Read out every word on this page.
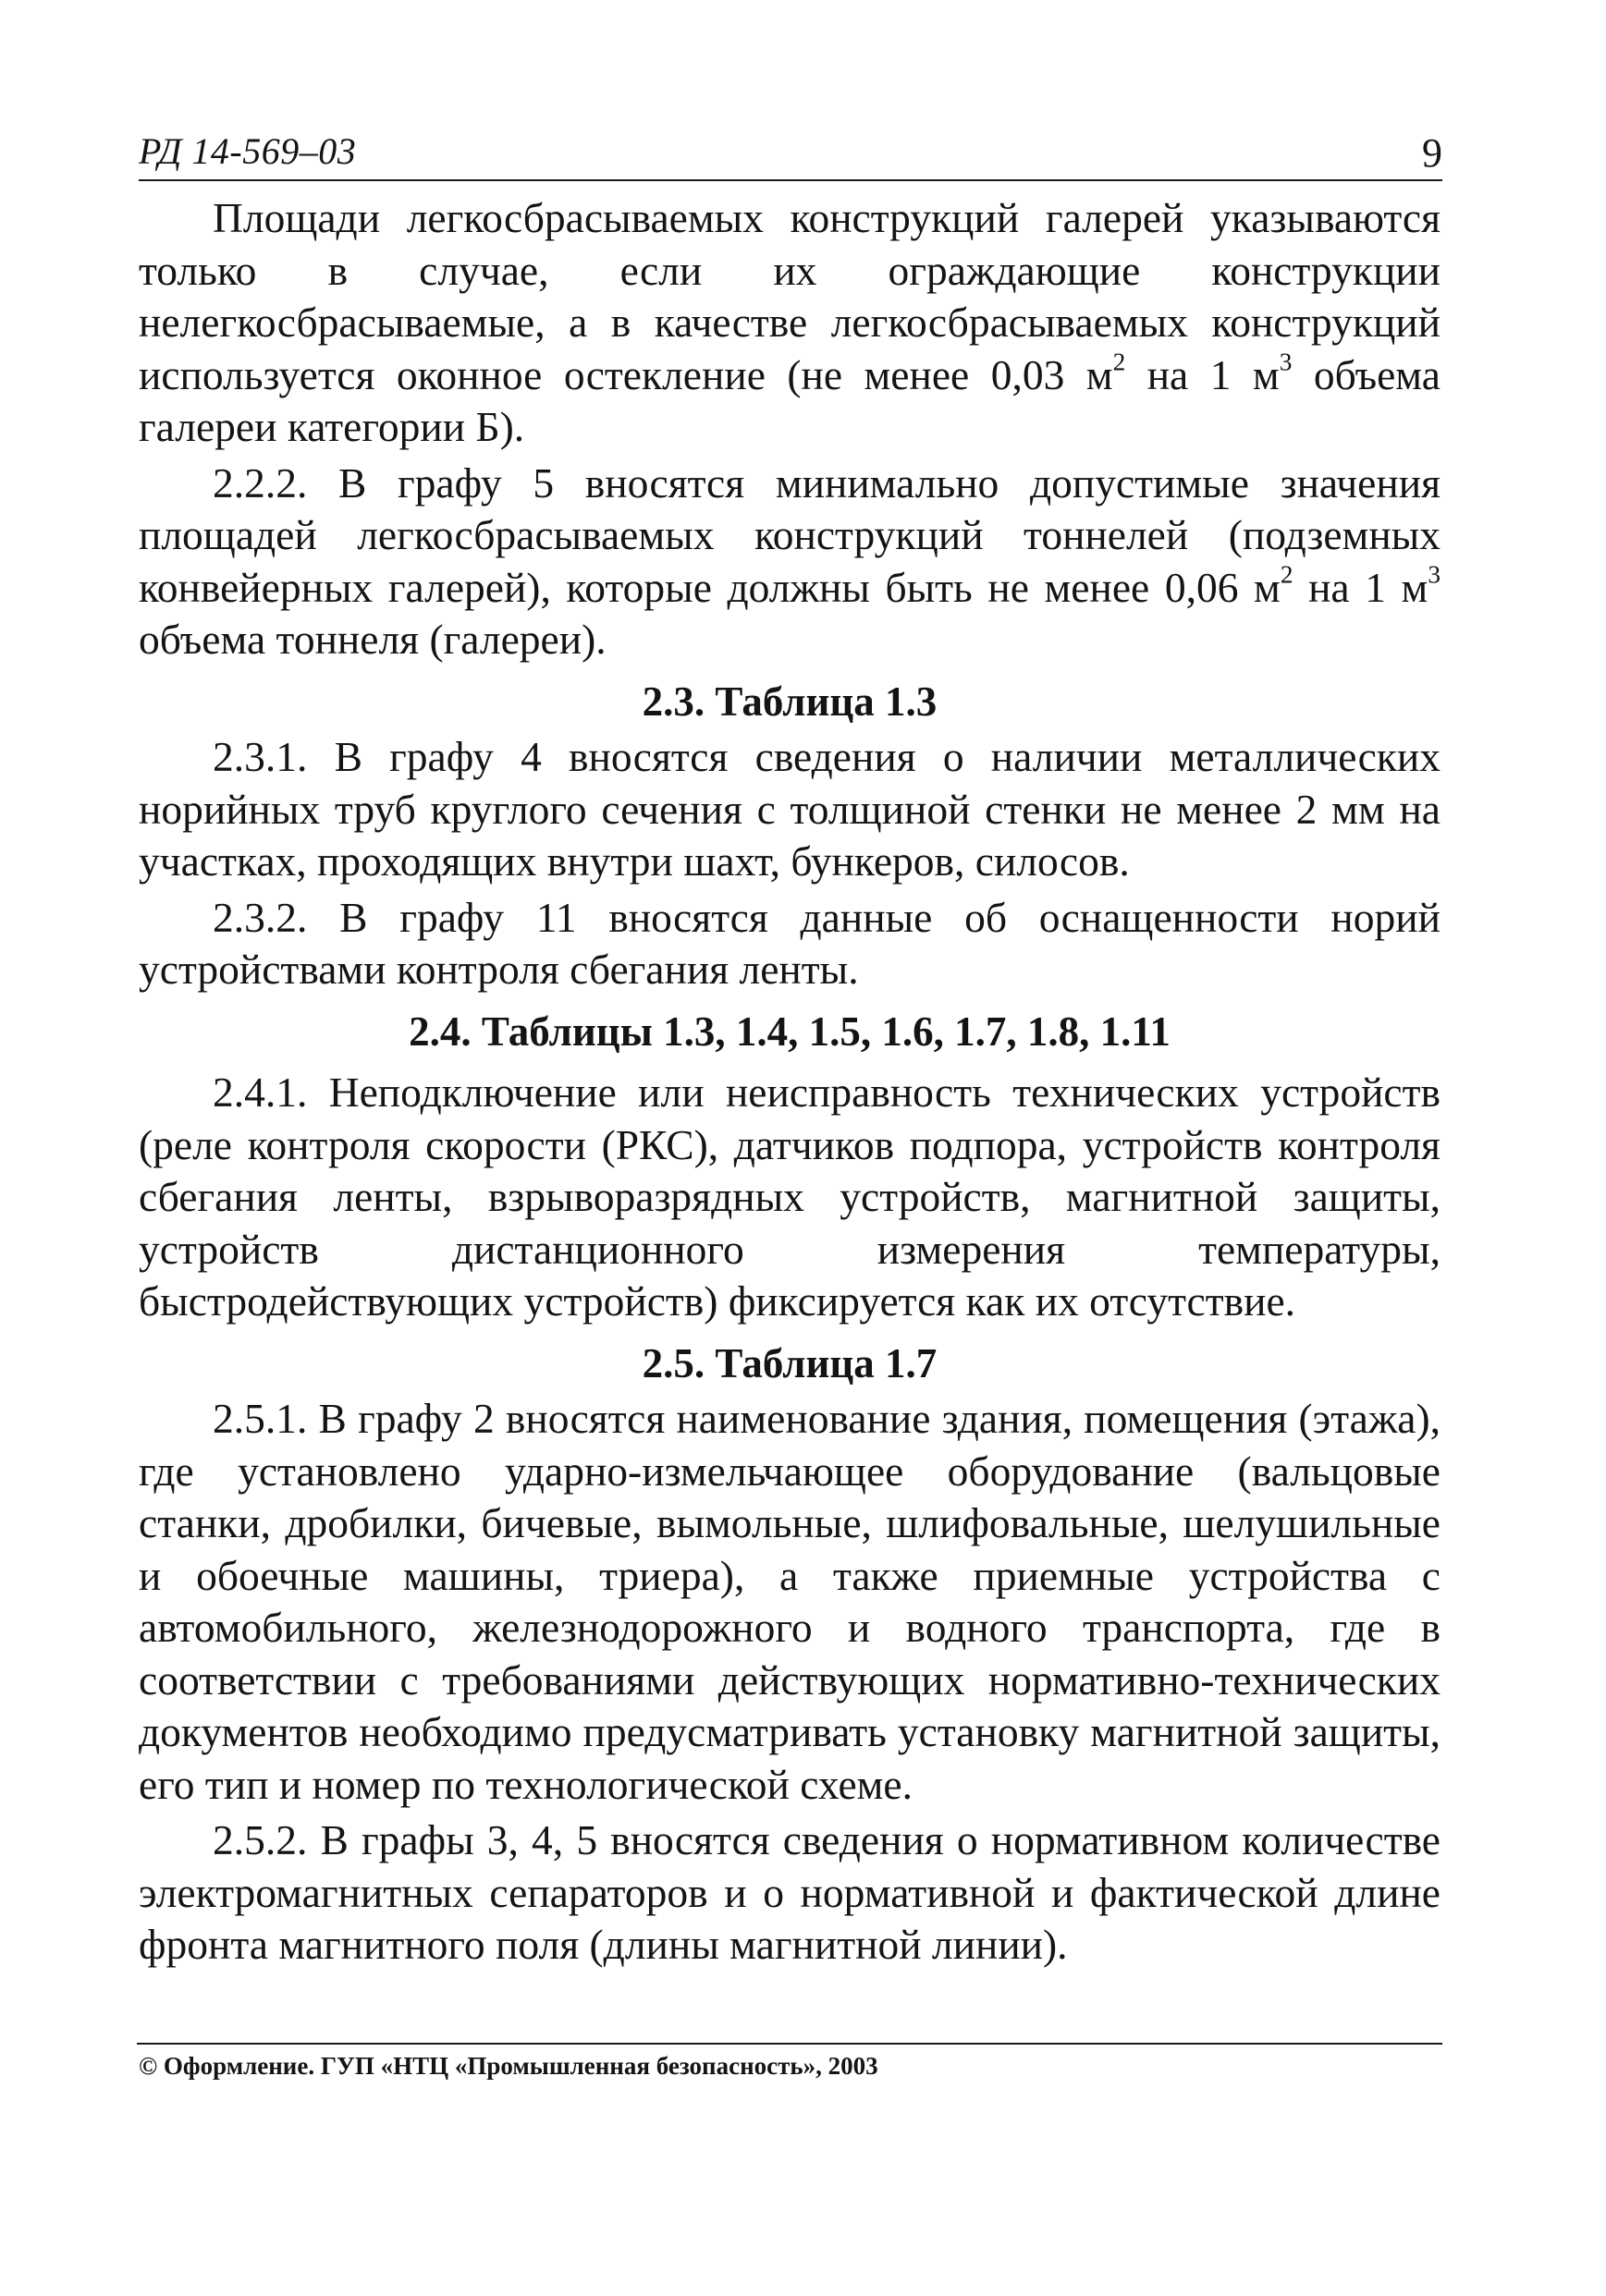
РД 14-569–03	9

Площади легкосбрасываемых конструкций галерей указываются только в случае, если их ограждающие конструкции нелегкосбрасываемые, а в качестве легкосбрасываемых конструкций используется оконное остекление (не менее 0,03 $м^2$ на 1 $м^3$ объема галереи категории Б).

2.2.2. В графу 5 вносятся минимально допустимые значения площадей легкосбрасываемых конструкций тоннелей (подземных конвейерных галерей), которые должны быть не менее 0,06 $м^2$ на 1 $м^3$ объема тоннеля (галереи).

2.3. Таблица 1.3

2.3.1. В графу 4 вносятся сведения о наличии металлических норийных труб круглого сечения с толщиной стенки не менее 2 мм на участках, проходящих внутри шахт, бункеров, силосов.

2.3.2. В графу 11 вносятся данные об оснащенности норий устройствами контроля сбегания ленты.

2.4. Таблицы 1.3, 1.4, 1.5, 1.6, 1.7, 1.8, 1.11

2.4.1. Неподключение или неисправность технических устройств (реле контроля скорости (РКС), датчиков подпора, устройств контроля сбегания ленты, взрыворазрядных устройств, магнитной защиты, устройств дистанционного измерения температуры, быстродействующих устройств) фиксируется как их отсутствие.

2.5. Таблица 1.7

2.5.1. В графу 2 вносятся наименование здания, помещения (этажа), где установлено ударно-измельчающее оборудование (вальцовые станки, дробилки, бичевые, вымольные, шлифовальные, шелушильные и обоечные машины, триера), а также приемные устройства с автомобильного, железнодорожного и водного транспорта, где в соответствии с требованиями действующих нормативно-технических документов необходимо предусматривать установку магнитной защиты, его тип и номер по технологической схеме.

2.5.2. В графы 3, 4, 5 вносятся сведения о нормативном количестве электромагнитных сепараторов и о нормативной и фактической длине фронта магнитного поля (длины магнитной линии).

© Оформление. ГУП «НТЦ «Промышленная безопасность», 2003
